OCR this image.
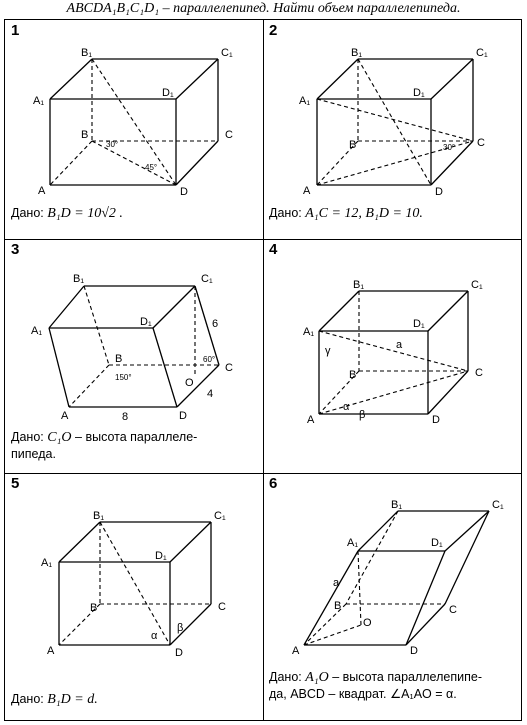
ABCDA₁B₁C₁D₁ – параллелепипед. Найти объем параллелепипеда.
1
B₁	C₁
A₁
D₁
B	C
A	D
30°
45°
Дано: B₁D = 10√2 .
2
B₁	C₁
A₁
D₁
B	C
A	D
30°
Дано: A₁C = 12, B₁D = 10.
3
B₁	C₁
A₁
D₁
B
C
A	D
O
150°
60°
8
4
6
Дано: C₁O – высота параллеле-
пипеда.
4
B₁	C₁
A₁
D₁
B	C
A	D
γ
α
β
a
5
B₁	C₁
A₁
D₁
B	C
A	D
α
β
Дано: B₁D = d.
6
B₁	C₁
A₁	D₁
B	C
A	D
O
a
Дано: A₁O – высота параллелепипе-
да, ABCD – квадрат. ∠A₁AO = α.
